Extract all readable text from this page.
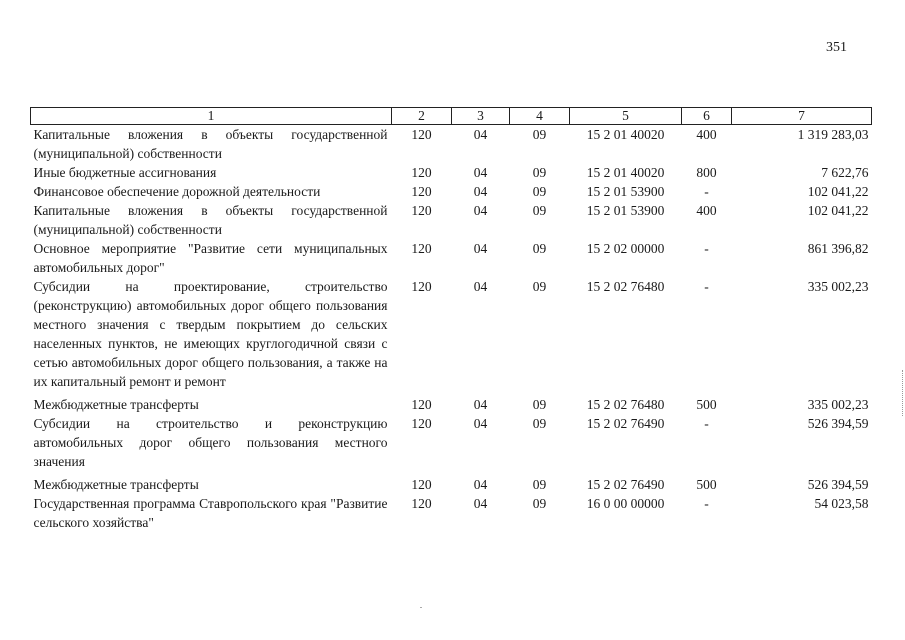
351
1	2	3	4	5	6	7
Капитальные вложения в объекты государственной (муниципальной) собственности	120	04	09	15 2 01 40020	400	1 319 283,03
Иные бюджетные ассигнования	120	04	09	15 2 01 40020	800	7 622,76
Финансовое обеспечение дорожной деятельности	120	04	09	15 2 01 53900	-	102 041,22
Капитальные вложения в объекты государственной (муниципальной) собственности	120	04	09	15 2 01 53900	400	102 041,22
Основное мероприятие "Развитие сети муниципальных автомобильных дорог"	120	04	09	15 2 02 00000	-	861 396,82
Субсидии на проектирование, строительство (реконструкцию) автомобильных дорог общего пользования местного значения с твердым покрытием до сельских населенных пунктов, не имеющих круглогодичной связи с сетью автомобильных дорог общего пользования, а также на их капитальный ремонт и ремонт	120	04	09	15 2 02 76480	-	335 002,23
Межбюджетные трансферты	120	04	09	15 2 02 76480	500	335 002,23
Субсидии на строительство и реконструкцию автомобильных дорог общего пользования местного значения	120	04	09	15 2 02 76490	-	526 394,59
Межбюджетные трансферты	120	04	09	15 2 02 76490	500	526 394,59
Государственная программа Ставропольского края "Развитие сельского хозяйства"	120	04	09	16 0 00 00000	-	54 023,58
